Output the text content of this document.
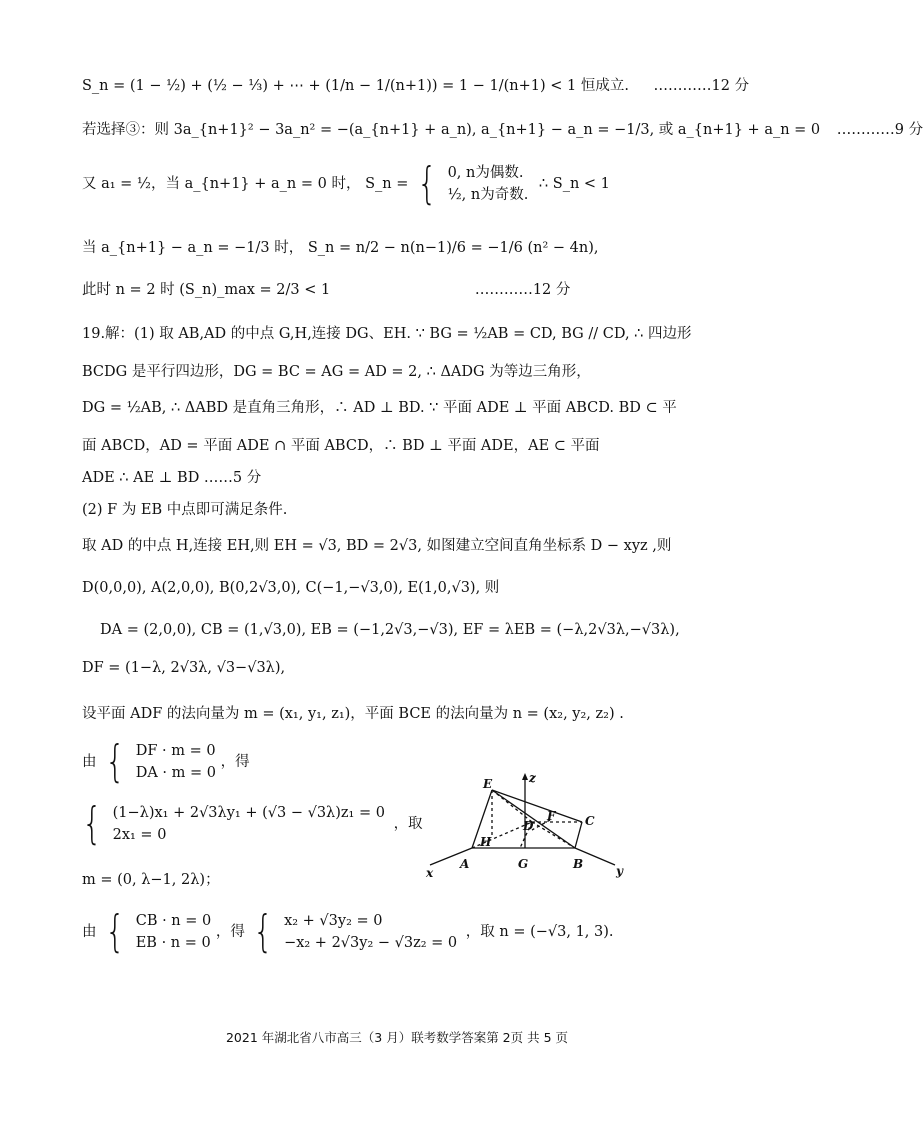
S_n = (1 − ½) + (½ − ⅓) + ⋯ + (1/n − 1/(n+1)) = 1 − 1/(n+1) < 1 恒成立. …………12 分
若选择③：则 3a_{n+1}² − 3a_n² = −(a_{n+1} + a_n), a_{n+1} − a_n = −1/3, 或 a_{n+1} + a_n = 0 …………9 分
又 a₁ = ½，当 a_{n+1} + a_n = 0 时， S_n = { 0, n为偶数.
½, n为奇数.
∴ S_n < 1
当 a_{n+1} − a_n = −1/3 时， S_n = n/2 − n(n−1)/6 = −1/6 (n² − 4n),
此时 n = 2 时 (S_n)_max = 2/3 < 1	…………12 分
19.解：(1) 取 AB,AD 的中点 G,H,连接 DG、EH. ∵ BG = ½AB = CD, BG // CD, ∴ 四边形
BCDG 是平行四边形，DG = BC = AG = AD = 2, ∴ ΔADG 为等边三角形，
DG = ½AB, ∴ ΔABD 是直角三角形，∴ AD ⊥ BD. ∵ 平面 ADE ⊥ 平面 ABCD. BD ⊂ 平
面 ABCD，AD = 平面 ADE ∩ 平面 ABCD，∴ BD ⊥ 平面 ADE，AE ⊂ 平面
ADE ∴ AE ⊥ BD ……5 分
(2) F 为 EB 中点即可满足条件.
取 AD 的中点 H,连接 EH,则 EH = √3, BD = 2√3, 如图建立空间直角坐标系 D − xyz ,则
D(0,0,0), A(2,0,0), B(0,2√3,0), C(−1,−√3,0), E(1,0,√3), 则
DA = (2,0,0), CB = (1,√3,0), EB = (−1,2√3,−√3), EF = λEB = (−λ,2√3λ,−√3λ),
DF = (1−λ, 2√3λ, √3−√3λ),
设平面 ADF 的法向量为 m = (x₁, y₁, z₁)，平面 BCE 的法向量为 n = (x₂, y₂, z₂) .
由 { DF · m = 0
DA · m = 0
，得
{ (1−λ)x₁ + 2√3λy₁ + (√3 − √3λ)z₁ = 0
2x₁ = 0
，取
m = (0, λ−1, 2λ)；
由 { CB · n = 0
EB · n = 0
，得 { x₂ + √3y₂ = 0
−x₂ + 2√3y₂ − √3z₂ = 0
，取 n = (−√3, 1, 3).
E	z
F C
D
H
A	G	B
x	y
2021 年湖北省八市高三（3 月）联考数学答案第 2页 共 5 页
